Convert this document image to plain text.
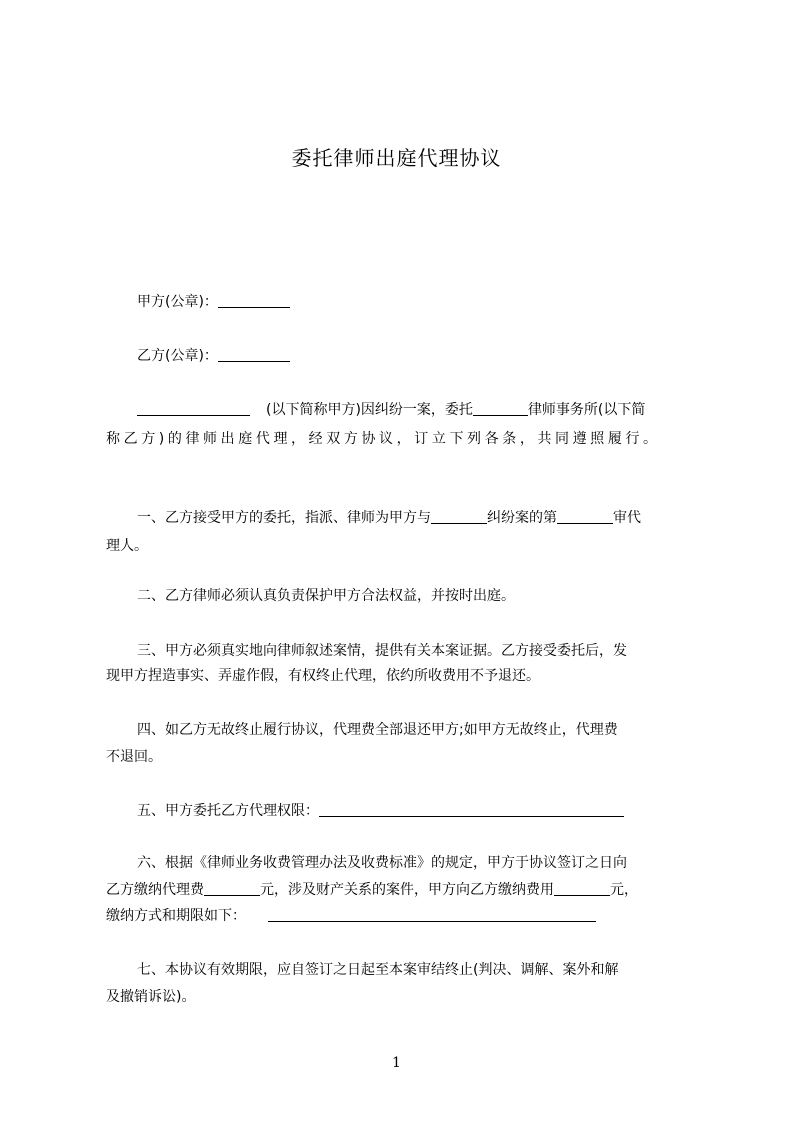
委托律师出庭代理协议
甲方(公章)：
乙方(公章)：
(以下简称甲方)因纠纷一案，委托	律师事务所(以下简
称乙方)的律师出庭代理，经双方协议，订立下列各条，共同遵照履行。
一、乙方接受甲方的委托，指派、律师为甲方与	纠纷案的第	审代
理人。
二、乙方律师必须认真负责保护甲方合法权益，并按时出庭。
三、甲方必须真实地向律师叙述案情，提供有关本案证据。乙方接受委托后，发
现甲方捏造事实、弄虚作假，有权终止代理，依约所收费用不予退还。
四、如乙方无故终止履行协议，代理费全部退还甲方;如甲方无故终止，代理费
不退回。
五、甲方委托乙方代理权限：
六、根据《律师业务收费管理办法及收费标准》的规定，甲方于协议签订之日向
乙方缴纳代理费	元，涉及财产关系的案件，甲方向乙方缴纳费用	元，
缴纳方式和期限如下：
七、本协议有效期限，应自签订之日起至本案审结终止(判决、调解、案外和解
及撤销诉讼)。
1
